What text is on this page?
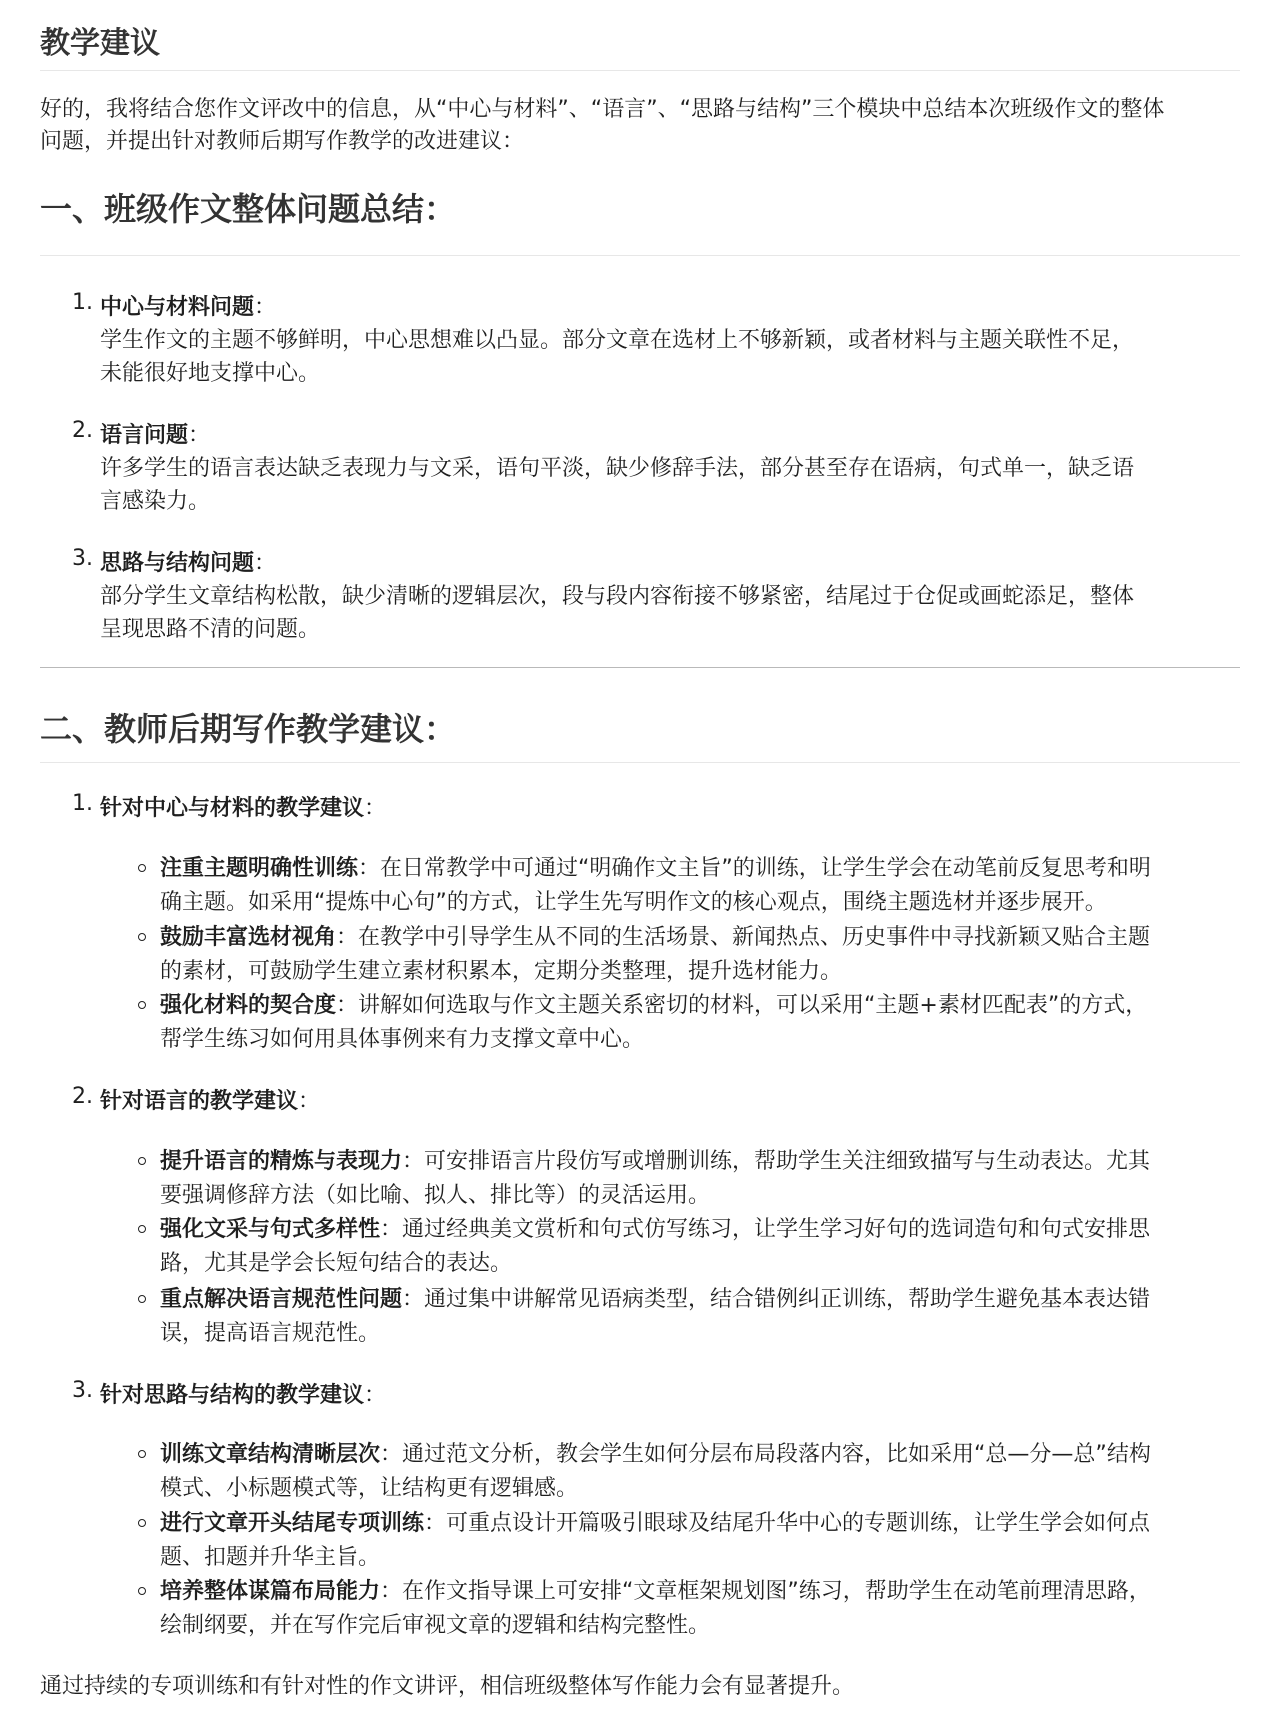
教学建议
好的，我将结合您作文评改中的信息，从“中心与材料”、“语言”、“思路与结构”三个模块中总结本次班级作文的整体
问题，并提出针对教师后期写作教学的改进建议：
一、班级作文整体问题总结：
1. 中心与材料问题：
学生作文的主题不够鲜明，中心思想难以凸显。部分文章在选材上不够新颖，或者材料与主题关联性不足，
未能很好地支撑中心。
2. 语言问题：
许多学生的语言表达缺乏表现力与文采，语句平淡，缺少修辞手法，部分甚至存在语病，句式单一，缺乏语
言感染力。
3. 思路与结构问题：
部分学生文章结构松散，缺少清晰的逻辑层次，段与段内容衔接不够紧密，结尾过于仓促或画蛇添足，整体
呈现思路不清的问题。
二、教师后期写作教学建议：
1. 针对中心与材料的教学建议：
注重主题明确性训练：在日常教学中可通过“明确作文主旨”的训练，让学生学会在动笔前反复思考和明
确主题。如采用“提炼中心句”的方式，让学生先写明作文的核心观点，围绕主题选材并逐步展开。
鼓励丰富选材视角：在教学中引导学生从不同的生活场景、新闻热点、历史事件中寻找新颖又贴合主题
的素材，可鼓励学生建立素材积累本，定期分类整理，提升选材能力。
强化材料的契合度：讲解如何选取与作文主题关系密切的材料，可以采用“主题+素材匹配表”的方式，
帮学生练习如何用具体事例来有力支撑文章中心。
2. 针对语言的教学建议：
提升语言的精炼与表现力：可安排语言片段仿写或增删训练，帮助学生关注细致描写与生动表达。尤其
要强调修辞方法（如比喻、拟人、排比等）的灵活运用。
强化文采与句式多样性：通过经典美文赏析和句式仿写练习，让学生学习好句的选词造句和句式安排思
路，尤其是学会长短句结合的表达。
重点解决语言规范性问题：通过集中讲解常见语病类型，结合错例纠正训练，帮助学生避免基本表达错
误，提高语言规范性。
3. 针对思路与结构的教学建议：
训练文章结构清晰层次：通过范文分析，教会学生如何分层布局段落内容，比如采用“总—分—总”结构
模式、小标题模式等，让结构更有逻辑感。
进行文章开头结尾专项训练：可重点设计开篇吸引眼球及结尾升华中心的专题训练，让学生学会如何点
题、扣题并升华主旨。
培养整体谋篇布局能力：在作文指导课上可安排“文章框架规划图”练习，帮助学生在动笔前理清思路，
绘制纲要，并在写作完后审视文章的逻辑和结构完整性。
通过持续的专项训练和有针对性的作文讲评，相信班级整体写作能力会有显著提升。
